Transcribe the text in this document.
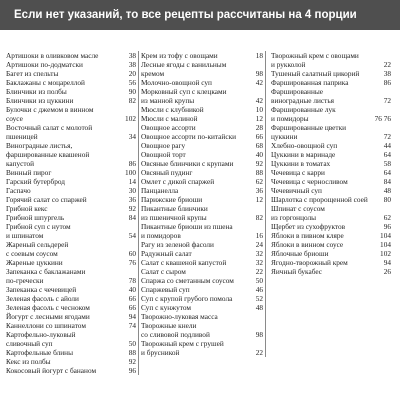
Если нет указаний, то все рецепты рассчитаны на 4 порции
Артишоки в оливковом масле	38
Артишоки по-додматски	38
Багет из спельты	20
Баклажаны с моцареллой	56
Блинчики из полбы	90
Блинчики из цуккини	82
Булочки с джемом в винном
соусе	102
Восточный салат с молотой
пшеницей	34
Виноградные листья,
фаршированные квашеной
капустой	86
Винный пирог	100
Гарский бутерброд	14
Гаспачо	30
Горячий салат со спаржей	36
Грибной кекс	92
Грибной шпургель	84
Грибной суп с нутом
и шпинатом	54
Жареный сельдерей
с соевым соусом	60
Жареные цуккини	76
Запеканка с баклажанами
по-гречески	78
Запеканка с чечевицей	40
Зеленая фасоль с айоли	66
Зеленая фасоль с чесноком	66
Йогурт с лесными ягодами	94
Каннеллони со шпинатом	74
Картофельно-луковый
сливочный суп	50
Картофельные блины	88
Кекс из полбы	92
Кокосовый йогурт с бананом	96
Крем из тофу с овощами	18
Лесные ягоды с ванильным
кремом	98
Молочно-овощной суп	42
Морковный суп с клецками
из манной крупы	42
Мюсли с клубникой	10
Мюсли с малиной	12
Овощное ассорти	28
Овощное ассорти по-китайски	66
Овощное рагу	68
Овощной торт	40
Овсяные блинчики с крупами	92
Овсяный пудинг	88
Омлет с дикой спаржей	62
Панцанелла	36
Парижские бриоши	12
Пикантные блинчики
из пшеничной крупы	82
Пикантные бриоши из пшена
и помидоров	16
Рагу из зеленой фасоли	24
Радужный салат	32
Салат с квашеной капустой	32
Салат с сыром	22
Спаржа со сметанным соусом	50
Спаржевый суп	46
Суп с крупой грубого помола	52
Суп с кунжутом	48
Творожно-луковая масса
Творожные кнели
со сливовой подливой	98
Творожный крем с грушей
и брусникой	22
Творожный крем с овощами
и рукколой	22
Тушеный салатный цикорий	38
Фаршированная паприка	86
Фаршированные
виноградные листья	72
Фаршированные лук
и помидоры	76 76
Фаршированные цветки
цуккини	72
Хлебно-овощной суп	44
Цуккини в маринаде	64
Цуккини в томатах	58
Чечевица с карри	64
Чечевица с черносливом	84
Чечевичный суп	48
Шарлотка с пророщенной соей	80
Шпинат с соусом
из горгонцолы	62
Щербет из сухофруктов	96
Яблоки в пивном кляре	104
Яблоки в винном соусе	104
Яблочные бриоши	102
Ягодно-творожный крем	94
Яичный букабес	26
